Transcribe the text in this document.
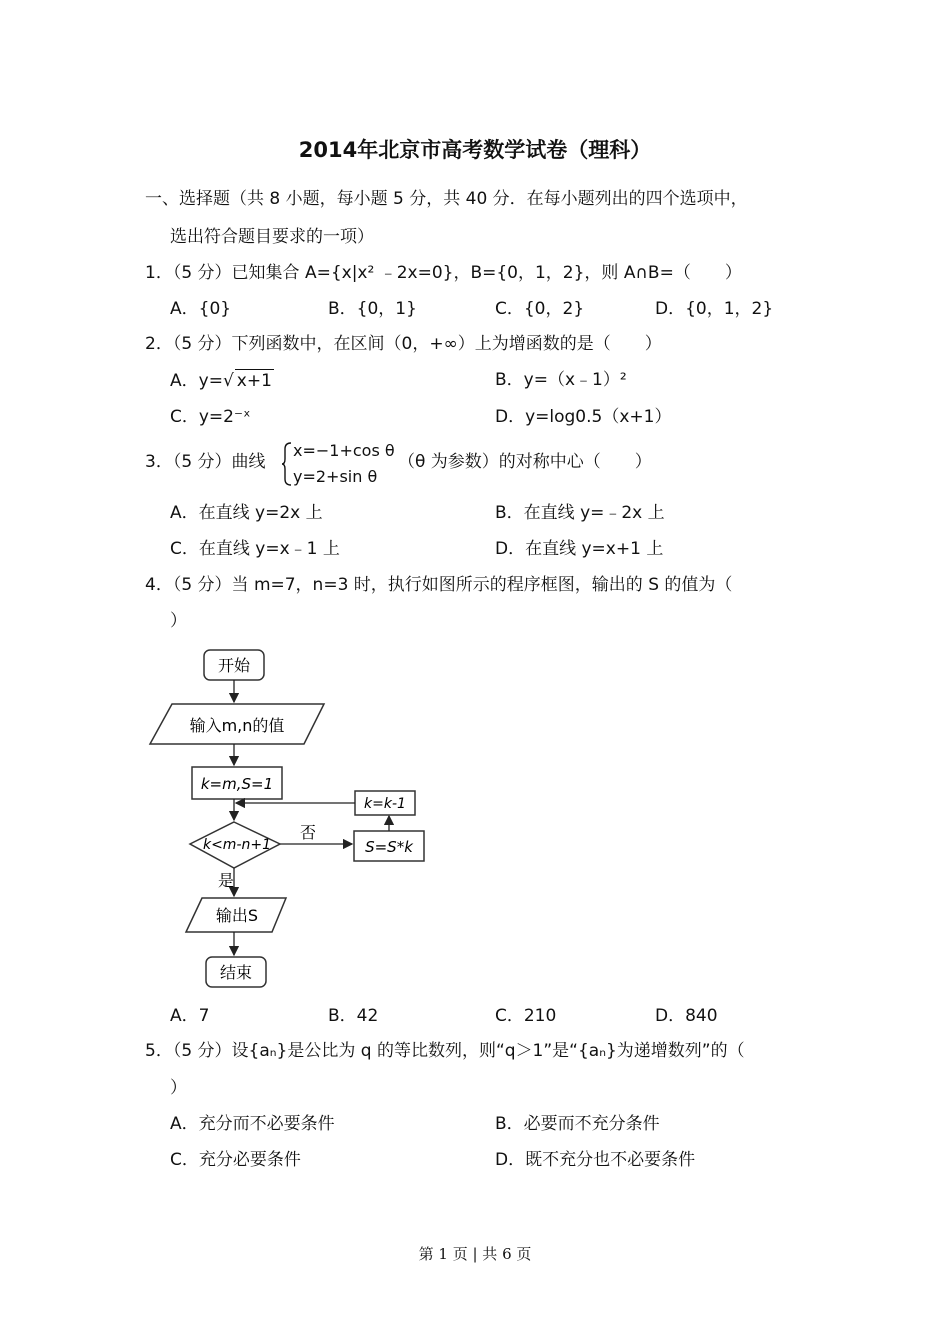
2014年北京市高考数学试卷（理科）
一、选择题（共 8 小题，每小题 5 分，共 40 分．在每小题列出的四个选项中，
选出符合题目要求的一项）
1．（5 分）已知集合 A={x|x² ﹣2x=0}，B={0，1，2}，则 A∩B=（　　）
A．{0}	B．{0，1}	C．{0，2}	D．{0，1，2}
2．（5 分）下列函数中，在区间（0，+∞）上为增函数的是（　　）
A．y=√ x+1	B．y=（x﹣1）²
C．y=2⁻ˣ	D．y=log0.5（x+1）
3．（5 分）曲线
x=−1+cos θ
y=2+sin θ
（θ 为参数）的对称中心（　　）
A．在直线 y=2x 上	B．在直线 y=﹣2x 上
C．在直线 y=x﹣1 上	D．在直线 y=x+1 上
4．（5 分）当 m=7，n=3 时，执行如图所示的程序框图，输出的 S 的值为（
）
开始
输入m,n的值
k=m,S=1
k<m-n+1
否
S=S*k
k=k-1
是
输出S
结束
A．7	B．42	C．210	D．840
5．（5 分）设{aₙ}是公比为 q 的等比数列，则“q＞1”是“{aₙ}为递增数列”的（
）
A．充分而不必要条件	B．必要而不充分条件
C．充分必要条件	D．既不充分也不必要条件
第 1 页 | 共 6 页
